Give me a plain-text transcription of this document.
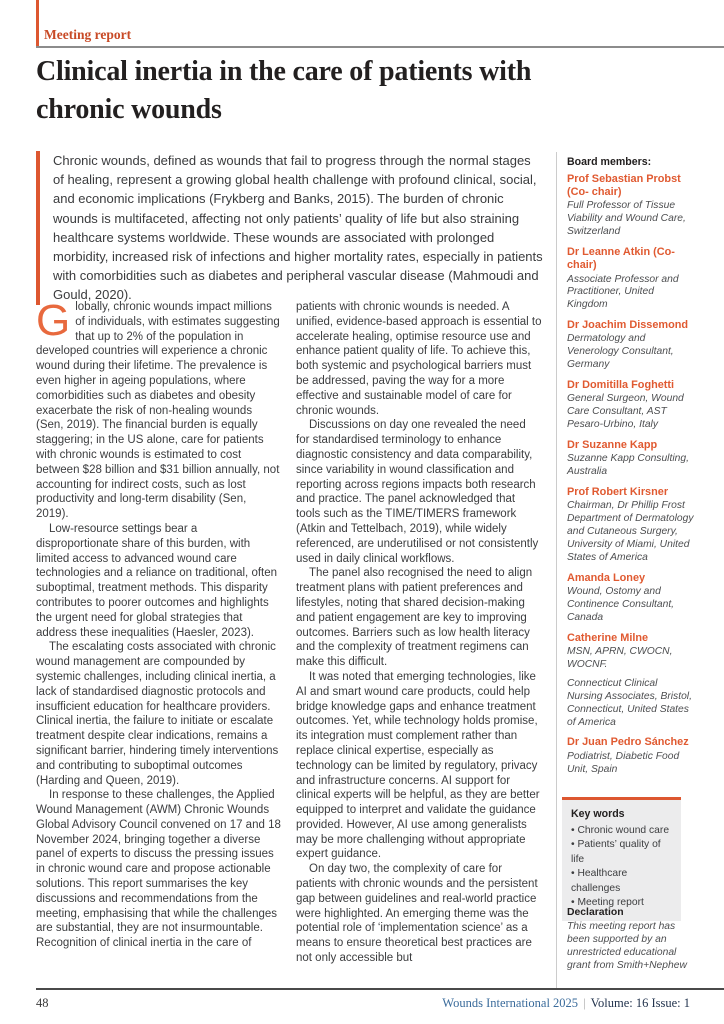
Meeting report
Clinical inertia in the care of patients with chronic wounds
Chronic wounds, defined as wounds that fail to progress through the normal stages of healing, represent a growing global health challenge with profound clinical, social, and economic implications (Frykberg and Banks, 2015). The burden of chronic wounds is multifaceted, affecting not only patients’ quality of life but also straining healthcare systems worldwide. These wounds are associated with prolonged morbidity, increased risk of infections and higher mortality rates, especially in patients with comorbidities such as diabetes and peripheral vascular disease (Mahmoudi and Gould, 2020).

Globally, chronic wounds impact millions of individuals, with estimates suggesting that up to 2% of the population in developed countries will experience a chronic wound during their lifetime. The prevalence is even higher in ageing populations, where comorbidities such as diabetes and obesity exacerbate the risk of non-healing wounds (Sen, 2019). The financial burden is equally staggering; in the US alone, care for patients with chronic wounds is estimated to cost between $28 billion and $31 billion annually, not accounting for indirect costs, such as lost productivity and long-term disability (Sen, 2019).

Low-resource settings bear a disproportionate share of this burden, with limited access to advanced wound care technologies and a reliance on traditional, often suboptimal, treatment methods. This disparity contributes to poorer outcomes and highlights the urgent need for global strategies that address these inequalities (Haesler, 2023).

The escalating costs associated with chronic wound management are compounded by systemic challenges, including clinical inertia, a lack of standardised diagnostic protocols and insufficient education for healthcare providers. Clinical inertia, the failure to initiate or escalate treatment despite clear indications, remains a significant barrier, hindering timely interventions and contributing to suboptimal outcomes (Harding and Queen, 2019).

In response to these challenges, the Applied Wound Management (AWM) Chronic Wounds Global Advisory Council convened on 17 and 18 November 2024, bringing together a diverse panel of experts to discuss the pressing issues in chronic wound care and propose actionable solutions. This report summarises the key discussions and recommendations from the meeting, emphasising that while the challenges are substantial, they are not insurmountable. Recognition of clinical inertia in the care of

patients with chronic wounds is needed. A unified, evidence-based approach is essential to accelerate healing, optimise resource use and enhance patient quality of life. To achieve this, both systemic and psychological barriers must be addressed, paving the way for a more effective and sustainable model of care for chronic wounds.

Discussions on day one revealed the need for standardised terminology to enhance diagnostic consistency and data comparability, since variability in wound classification and reporting across regions impacts both research and practice. The panel acknowledged that tools such as the TIME/TIMERS framework (Atkin and Tettelbach, 2019), while widely referenced, are underutilised or not consistently used in daily clinical workflows.

The panel also recognised the need to align treatment plans with patient preferences and lifestyles, noting that shared decision-making and patient engagement are key to improving outcomes. Barriers such as low health literacy and the complexity of treatment regimens can make this difficult.

It was noted that emerging technologies, like AI and smart wound care products, could help bridge knowledge gaps and enhance treatment outcomes. Yet, while technology holds promise, its integration must complement rather than replace clinical expertise, especially as technology can be limited by regulatory, privacy and infrastructure concerns. AI support for clinical experts will be helpful, as they are better equipped to interpret and validate the guidance provided. However, AI use among generalists may be more challenging without appropriate expert guidance.

On day two, the complexity of care for patients with chronic wounds and the persistent gap between guidelines and real-world practice were highlighted. An emerging theme was the potential role of ‘implementation science’ as a means to ensure theoretical best practices are not only accessible but

Board members:
Prof Sebastian Probst (Co- chair)
Full Professor of Tissue Viability and Wound Care, Switzerland
Dr Leanne Atkin (Co- chair)
Associate Professor and Practitioner, United Kingdom
Dr Joachim Dissemond
Dermatology and Venerology Consultant, Germany
Dr Domitilla Foghetti
General Surgeon, Wound Care Consultant, AST Pesaro-Urbino, Italy
Dr Suzanne Kapp
Suzanne Kapp Consulting, Australia
Prof Robert Kirsner
Chairman, Dr Phillip Frost Department of Dermatology and Cutaneous Surgery, University of Miami, United States of America
Amanda Loney
Wound, Ostomy and Continence Consultant, Canada
Catherine Milne
MSN, APRN, CWOCN, WOCNF.
Connecticut Clinical Nursing Associates, Bristol, Connecticut, United States of America
Dr Juan Pedro Sánchez
Podiatrist, Diabetic Food Unit, Spain
Key words
• Chronic wound care
• Patients’ quality of life
• Healthcare challenges
• Meeting report
Declaration
This meeting report has been supported by an unrestricted educational grant from Smith+Nephew
48	Wounds International 2025 | Volume: 16 Issue: 1
